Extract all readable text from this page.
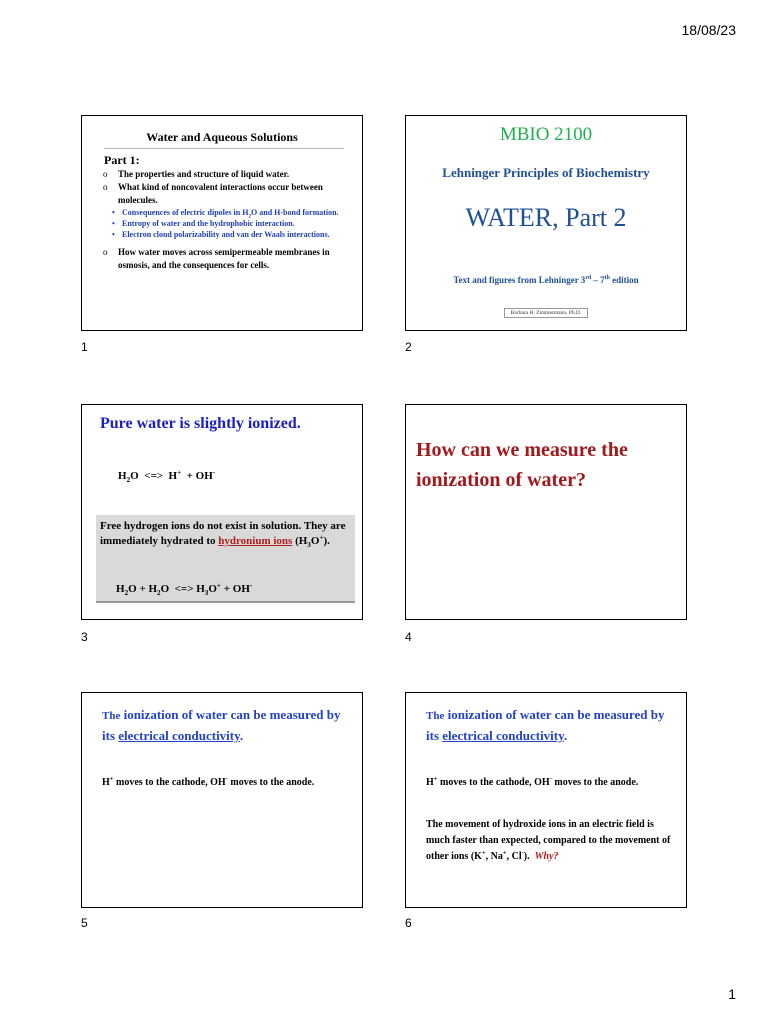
18/08/23
Water and Aqueous Solutions
Part 1:
o The properties and structure of liquid water.
o What kind of noncovalent interactions occur between molecules.
• Consequences of electric dipoles in $H_2O$ and H-bond formation.
• Entropy of water and the hydrophobic interaction.
• Electron cloud polarizability and van der Waals interactions.
o How water moves across semipermeable membranes in osmosis, and the consequences for cells.
1
MBIO 2100
Lehninger Principles of Biochemistry
WATER, Part 2
Text and figures from Lehninger 3rd – 7th edition
Barbara H. Zimmermann, Ph.D.
2
Pure water is slightly ionized.
$H_2O$  <=>  H+  + OH-
Free hydrogen ions do not exist in solution. They are immediately hydrated to hydronium ions $(H_3O^+)$.
$H_2O + H_2O$  <=> $H_3O^+ + OH^-$
3
How can we measure the ionization of water?
4
The ionization of water can be measured by its electrical conductivity.
H+ moves to the cathode, OH- moves to the anode.
5
The ionization of water can be measured by its electrical conductivity.
H+ moves to the cathode, OH- moves to the anode.
The movement of hydroxide ions in an electric field is much faster than expected, compared to the movement of other ions (K+, Na+, Cl-).  Why?
6
1
